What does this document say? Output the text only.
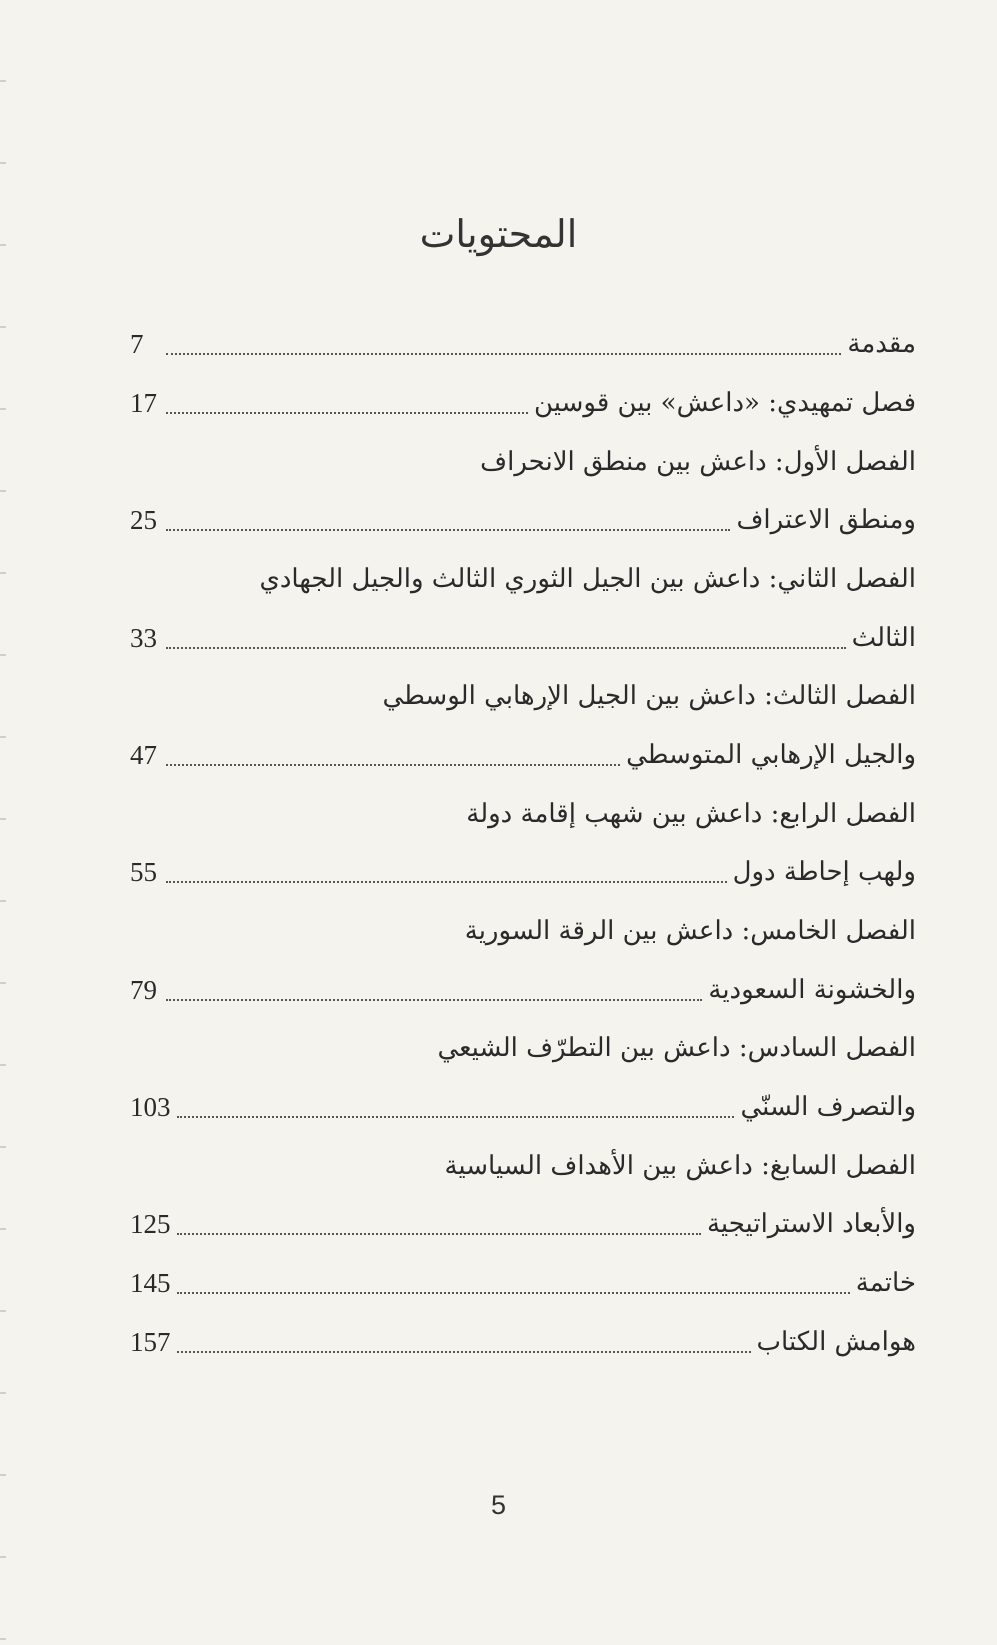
المحتويات
مقدمة
7
فصل تمهيدي: «داعش» بين قوسين
17
الفصل الأول: داعش بين منطق الانحراف
ومنطق الاعتراف
25
الفصل الثاني: داعش بين الجيل الثوري الثالث والجيل الجهادي
الثالث
33
الفصل الثالث: داعش بين الجيل الإرهابي الوسطي
والجيل الإرهابي المتوسطي
47
الفصل الرابع: داعش بين شهب إقامة دولة
ولهب إحاطة دول
55
الفصل الخامس: داعش بين الرقة السورية
والخشونة السعودية
79
الفصل السادس: داعش بين التطرّف الشيعي
والتصرف السنّي
103
الفصل السابغ: داعش بين الأهداف السياسية
والأبعاد الاستراتيجية
125
خاتمة
145
هوامش الكتاب
157
5
